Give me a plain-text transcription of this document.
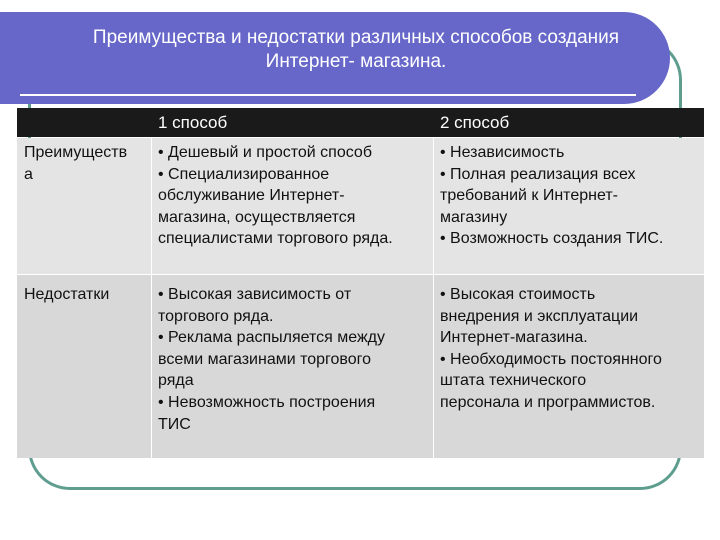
Преимущества и недостатки различных способов создания
Интернет- магазина.
1 способ	2 способ
Преимуществ
а
• Дешевый и простой способ
• Специализированное
обслуживание Интернет-
магазина, осуществляется
специалистами торгового ряда.
• Независимость
• Полная реализация всех
требований к Интернет-
магазину
• Возможность создания ТИС.
Недостатки	• Высокая зависимость от
торгового ряда.
• Реклама распыляется между
всеми магазинами торгового
ряда
• Невозможность построения
ТИС
• Высокая стоимость
внедрения и эксплуатации
Интернет-магазина.
• Необходимость постоянного
штата технического
персонала и программистов.
